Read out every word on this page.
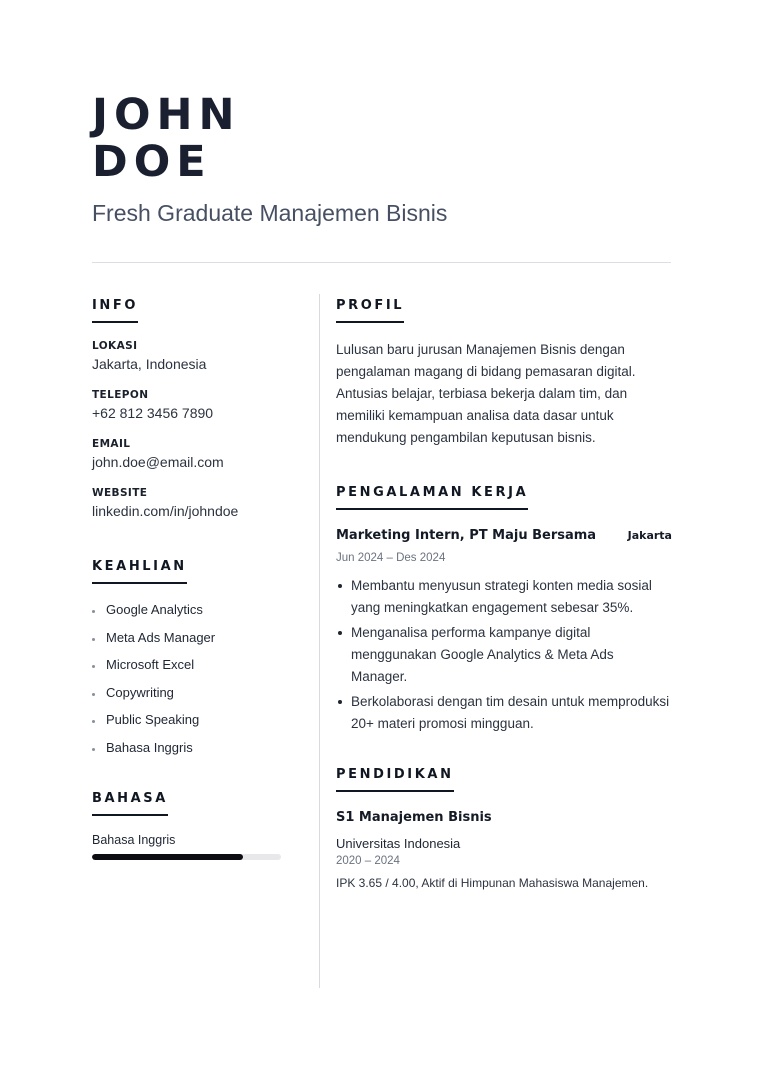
JOHN
DOE
Fresh Graduate Manajemen Bisnis
INFO
LOKASI
Jakarta, Indonesia
TELEPON
+62 812 3456 7890
EMAIL
john.doe@email.com
WEBSITE
linkedin.com/in/johndoe
KEAHLIAN
Google Analytics
Meta Ads Manager
Microsoft Excel
Copywriting
Public Speaking
Bahasa Inggris
BAHASA
Bahasa Inggris
PROFIL
Lulusan baru jurusan Manajemen Bisnis dengan pengalaman magang di bidang pemasaran digital. Antusias belajar, terbiasa bekerja dalam tim, dan memiliki kemampuan analisa data dasar untuk mendukung pengambilan keputusan bisnis.
PENGALAMAN KERJA
Marketing Intern, PT Maju Bersama	Jakarta
Jun 2024 – Des 2024
Membantu menyusun strategi konten media sosial yang meningkatkan engagement sebesar 35%.
Menganalisa performa kampanye digital menggunakan Google Analytics & Meta Ads Manager.
Berkolaborasi dengan tim desain untuk memproduksi 20+ materi promosi mingguan.
PENDIDIKAN
S1 Manajemen Bisnis
Universitas Indonesia
2020 – 2024
IPK 3.65 / 4.00, Aktif di Himpunan Mahasiswa Manajemen.
